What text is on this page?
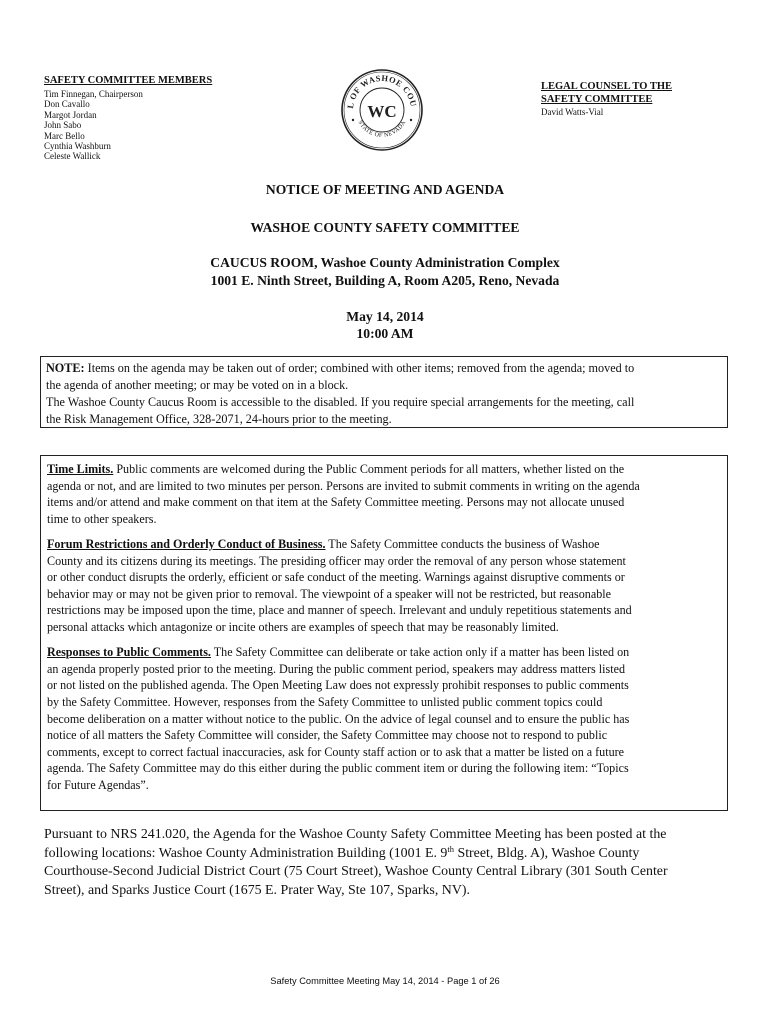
SAFETY COMMITTEE MEMBERS
Tim Finnegan, Chairperson
Don Cavallo
Margot Jordan
John Sabo
Marc Bello
Cynthia Washburn
Celeste Wallick
L OF WASHOE COU
STATE OF NEVADA
WC
LEGAL COUNSEL TO THE
SAFETY COMMITTEE
David Watts-Vial
NOTICE OF MEETING AND AGENDA
WASHOE COUNTY SAFETY COMMITTEE
CAUCUS ROOM, Washoe County Administration Complex
1001 E. Ninth Street, Building A, Room A205, Reno, Nevada
May 14, 2014
10:00 AM
NOTE: Items on the agenda may be taken out of order; combined with other items; removed from the agenda; moved to
the agenda of another meeting; or may be voted on in a block.
The Washoe County Caucus Room is accessible to the disabled. If you require special arrangements for the meeting, call
the Risk Management Office, 328-2071, 24-hours prior to the meeting.

Time Limits. Public comments are welcomed during the Public Comment periods for all matters, whether listed on the
agenda or not, and are limited to two minutes per person. Persons are invited to submit comments in writing on the agenda
items and/or attend and make comment on that item at the Safety Committee meeting. Persons may not allocate unused
time to other speakers.

Forum Restrictions and Orderly Conduct of Business. The Safety Committee conducts the business of Washoe
County and its citizens during its meetings. The presiding officer may order the removal of any person whose statement
or other conduct disrupts the orderly, efficient or safe conduct of the meeting. Warnings against disruptive comments or
behavior may or may not be given prior to removal. The viewpoint of a speaker will not be restricted, but reasonable
restrictions may be imposed upon the time, place and manner of speech. Irrelevant and unduly repetitious statements and
personal attacks which antagonize or incite others are examples of speech that may be reasonably limited.

Responses to Public Comments. The Safety Committee can deliberate or take action only if a matter has been listed on
an agenda properly posted prior to the meeting. During the public comment period, speakers may address matters listed
or not listed on the published agenda. The Open Meeting Law does not expressly prohibit responses to public comments
by the Safety Committee. However, responses from the Safety Committee to unlisted public comment topics could
become deliberation on a matter without notice to the public. On the advice of legal counsel and to ensure the public has
notice of all matters the Safety Committee will consider, the Safety Committee may choose not to respond to public
comments, except to correct factual inaccuracies, ask for County staff action or to ask that a matter be listed on a future
agenda. The Safety Committee may do this either during the public comment item or during the following item: “Topics
for Future Agendas”.

Pursuant to NRS 241.020, the Agenda for the Washoe County Safety Committee Meeting has been posted at the
following locations: Washoe County Administration Building (1001 E. 9th Street, Bldg. A), Washoe County
Courthouse-Second Judicial District Court (75 Court Street), Washoe County Central Library (301 South Center
Street), and Sparks Justice Court (1675 E. Prater Way, Ste 107, Sparks, NV).
Safety Committee Meeting May 14, 2014 - Page 1 of 26
